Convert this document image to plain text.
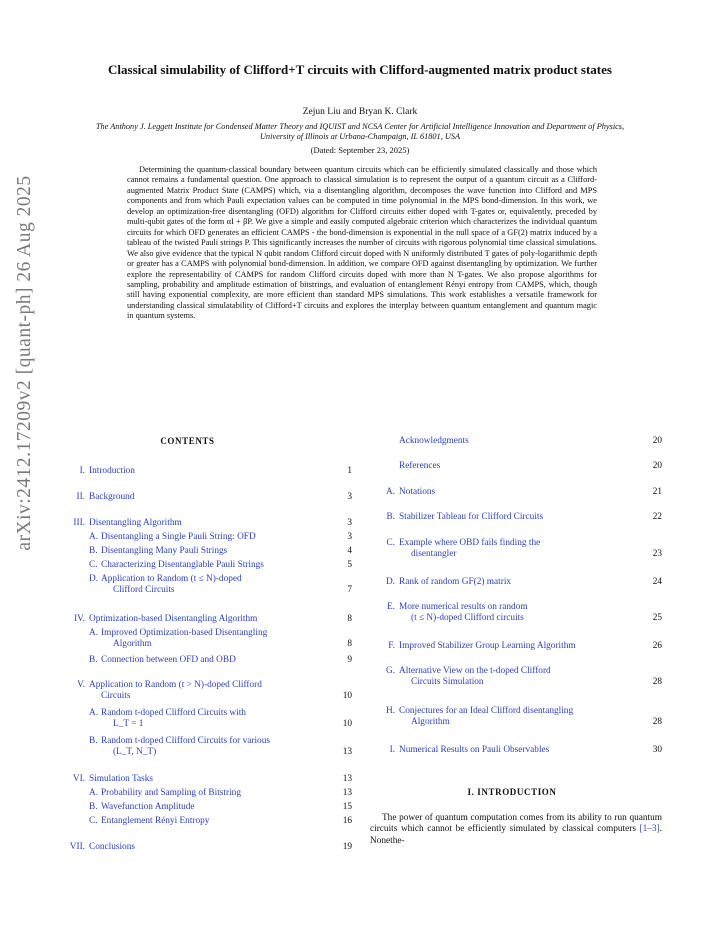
arXiv:2412.17209v2 [quant-ph] 26 Aug 2025
Classical simulability of Clifford+T circuits with Clifford-augmented matrix product states
Zejun Liu and Bryan K. Clark
The Anthony J. Leggett Institute for Condensed Matter Theory and IQUIST and NCSA Center for Artificial Intelligence Innovation and Department of Physics, University of Illinois at Urbana-Champaign, IL 61801, USA
(Dated: September 23, 2025)
Determining the quantum-classical boundary between quantum circuits which can be efficiently simulated classically and those which cannot remains a fundamental question. One approach to classical simulation is to represent the output of a quantum circuit as a Clifford-augmented Matrix Product State (CAMPS) which, via a disentangling algorithm, decomposes the wave function into Clifford and MPS components and from which Pauli expectation values can be computed in time polynomial in the MPS bond-dimension. In this work, we develop an optimization-free disentangling (OFD) algorithm for Clifford circuits either doped with T-gates or, equivalently, preceded by multi-qubit gates of the form αI + βP. We give a simple and easily computed algebraic criterion which characterizes the individual quantum circuits for which OFD generates an efficient CAMPS - the bond-dimension is exponential in the null space of a GF(2) matrix induced by a tableau of the twisted Pauli strings P. This significantly increases the number of circuits with rigorous polynomial time classical simulations. We also give evidence that the typical N qubit random Clifford circuit doped with N uniformly distributed T gates of poly-logarithmic depth or greater has a CAMPS with polynomial bond-dimension. In addition, we compare OFD against disentangling by optimization. We further explore the representability of CAMPS for random Clifford circuits doped with more than N T-gates. We also propose algorithms for sampling, probability and amplitude estimation of bitstrings, and evaluation of entanglement Rényi entropy from CAMPS, which, though still having exponential complexity, are more efficient than standard MPS simulations. This work establishes a versatile framework for understanding classical simulatability of Clifford+T circuits and explores the interplay between quantum entanglement and quantum magic in quantum systems.
CONTENTS
I. Introduction	1
II. Background	3
III. Disentangling Algorithm	3
A. Disentangling a Single Pauli String: OFD	3
B. Disentangling Many Pauli Strings	4
C. Characterizing Disentanglable Pauli Strings	5
D. Application to Random (t ≤ N)-doped
Clifford Circuits	7
IV. Optimization-based Disentangling Algorithm	8
A. Improved Optimization-based Disentangling
Algorithm	8
B. Connection between OFD and OBD	9
V. Application to Random (t > N)-doped Clifford
Circuits	10
A. Random t-doped Clifford Circuits with
L_T = 1	10
B. Random t-doped Clifford Circuits for various
(L_T, N_T)	13
VI. Simulation Tasks	13
A. Probability and Sampling of Bitstring	13
B. Wavefunction Amplitude	15
C. Entanglement Rényi Entropy	16
VII. Conclusions	19
Acknowledgments	20
References	20
A. Notations	21
B. Stabilizer Tableau for Clifford Circuits	22
C. Example where OBD fails finding the
disentangler	23
D. Rank of random GF(2) matrix	24
E. More numerical results on random
(t ≤ N)-doped Clifford circuits	25
F. Improved Stabilizer Group Learning Algorithm	26
G. Alternative View on the t-doped Clifford
Circuits Simulation	28
H. Conjectures for an Ideal Clifford disentangling
Algorithm	28
I. Numerical Results on Pauli Observables	30
I. INTRODUCTION
The power of quantum computation comes from its ability to run quantum circuits which cannot be efficiently simulated by classical computers [1–3]. Nonethe-
